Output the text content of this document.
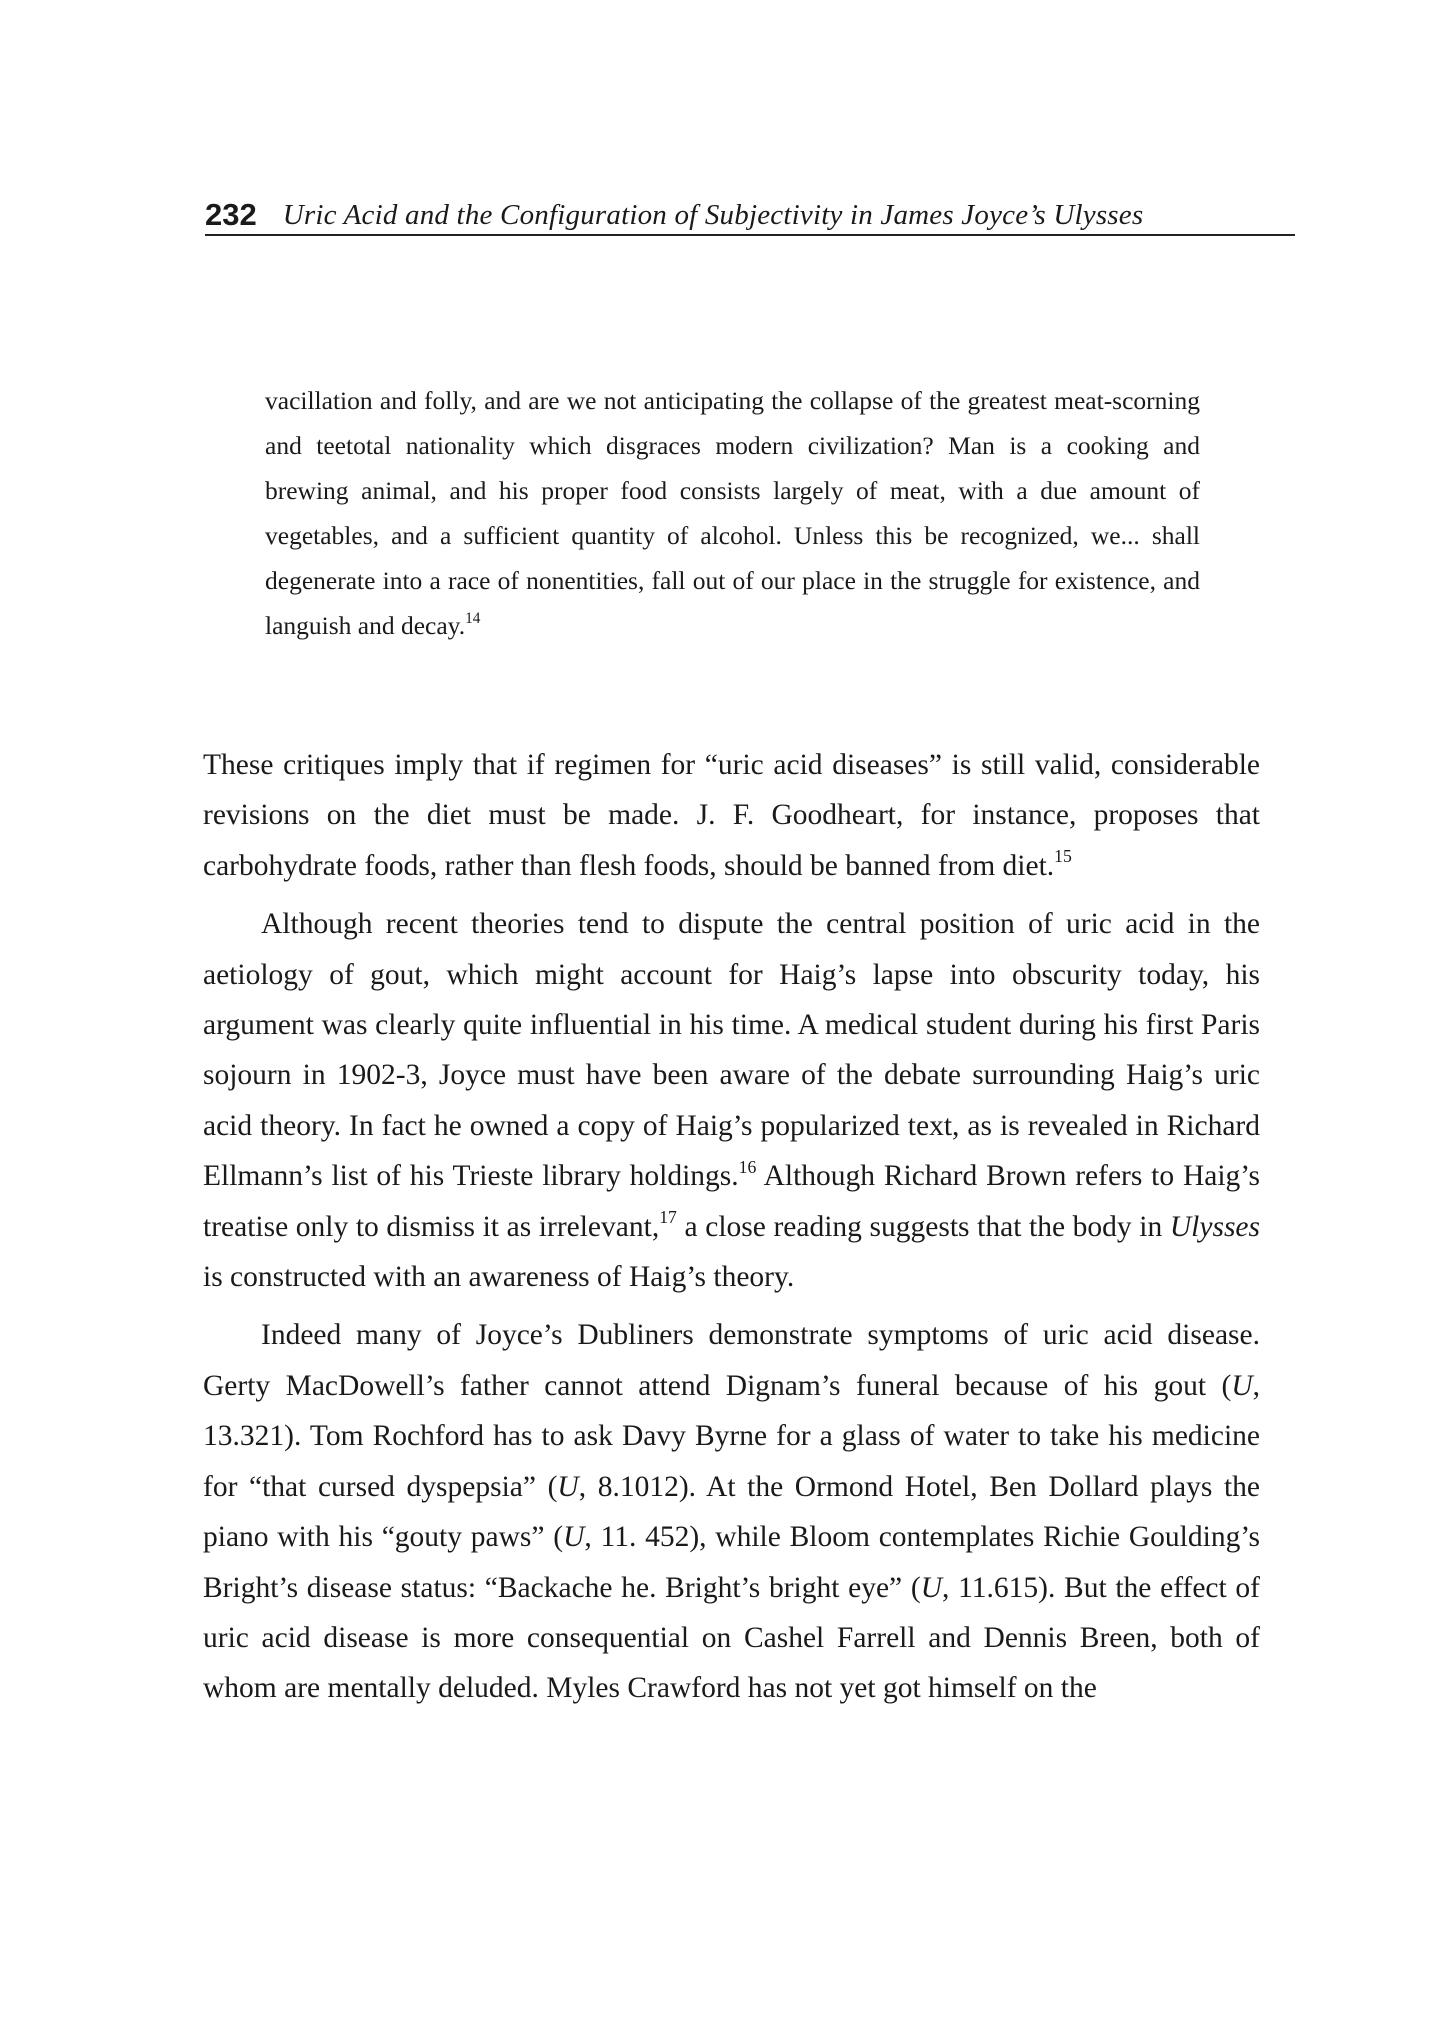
232 Uric Acid and the Configuration of Subjectivity in James Joyce’s Ulysses

vacillation and folly, and are we not anticipating the collapse of the greatest meat-scorning and teetotal nationality which disgraces modern civilization? Man is a cooking and brewing animal, and his proper food consists largely of meat, with a due amount of vegetables, and a sufficient quantity of alcohol. Unless this be recognized, we... shall degenerate into a race of nonentities, fall out of our place in the struggle for existence, and languish and decay.$^{14}$

These critiques imply that if regimen for “uric acid diseases” is still valid, considerable revisions on the diet must be made. J. F. Goodheart, for instance, proposes that carbohydrate foods, rather than flesh foods, should be banned from diet.$^{15}$

Although recent theories tend to dispute the central position of uric acid in the aetiology of gout, which might account for Haig’s lapse into obscurity today, his argument was clearly quite influential in his time. A medical student during his first Paris sojourn in 1902-3, Joyce must have been aware of the debate surrounding Haig’s uric acid theory. In fact he owned a copy of Haig’s popularized text, as is revealed in Richard Ellmann’s list of his Trieste library holdings.$^{16}$ Although Richard Brown refers to Haig’s treatise only to dismiss it as irrelevant,$^{17}$ a close reading suggests that the body in Ulysses is constructed with an awareness of Haig’s theory.

Indeed many of Joyce’s Dubliners demonstrate symptoms of uric acid disease. Gerty MacDowell’s father cannot attend Dignam’s funeral because of his gout (U, 13.321). Tom Rochford has to ask Davy Byrne for a glass of water to take his medicine for “that cursed dyspepsia” (U, 8.1012). At the Ormond Hotel, Ben Dollard plays the piano with his “gouty paws” (U, 11. 452), while Bloom contemplates Richie Goulding’s Bright’s disease status: “Backache he. Bright’s bright eye” (U, 11.615). But the effect of uric acid disease is more consequential on Cashel Farrell and Dennis Breen, both of whom are mentally deluded. Myles Crawford has not yet got himself on the
